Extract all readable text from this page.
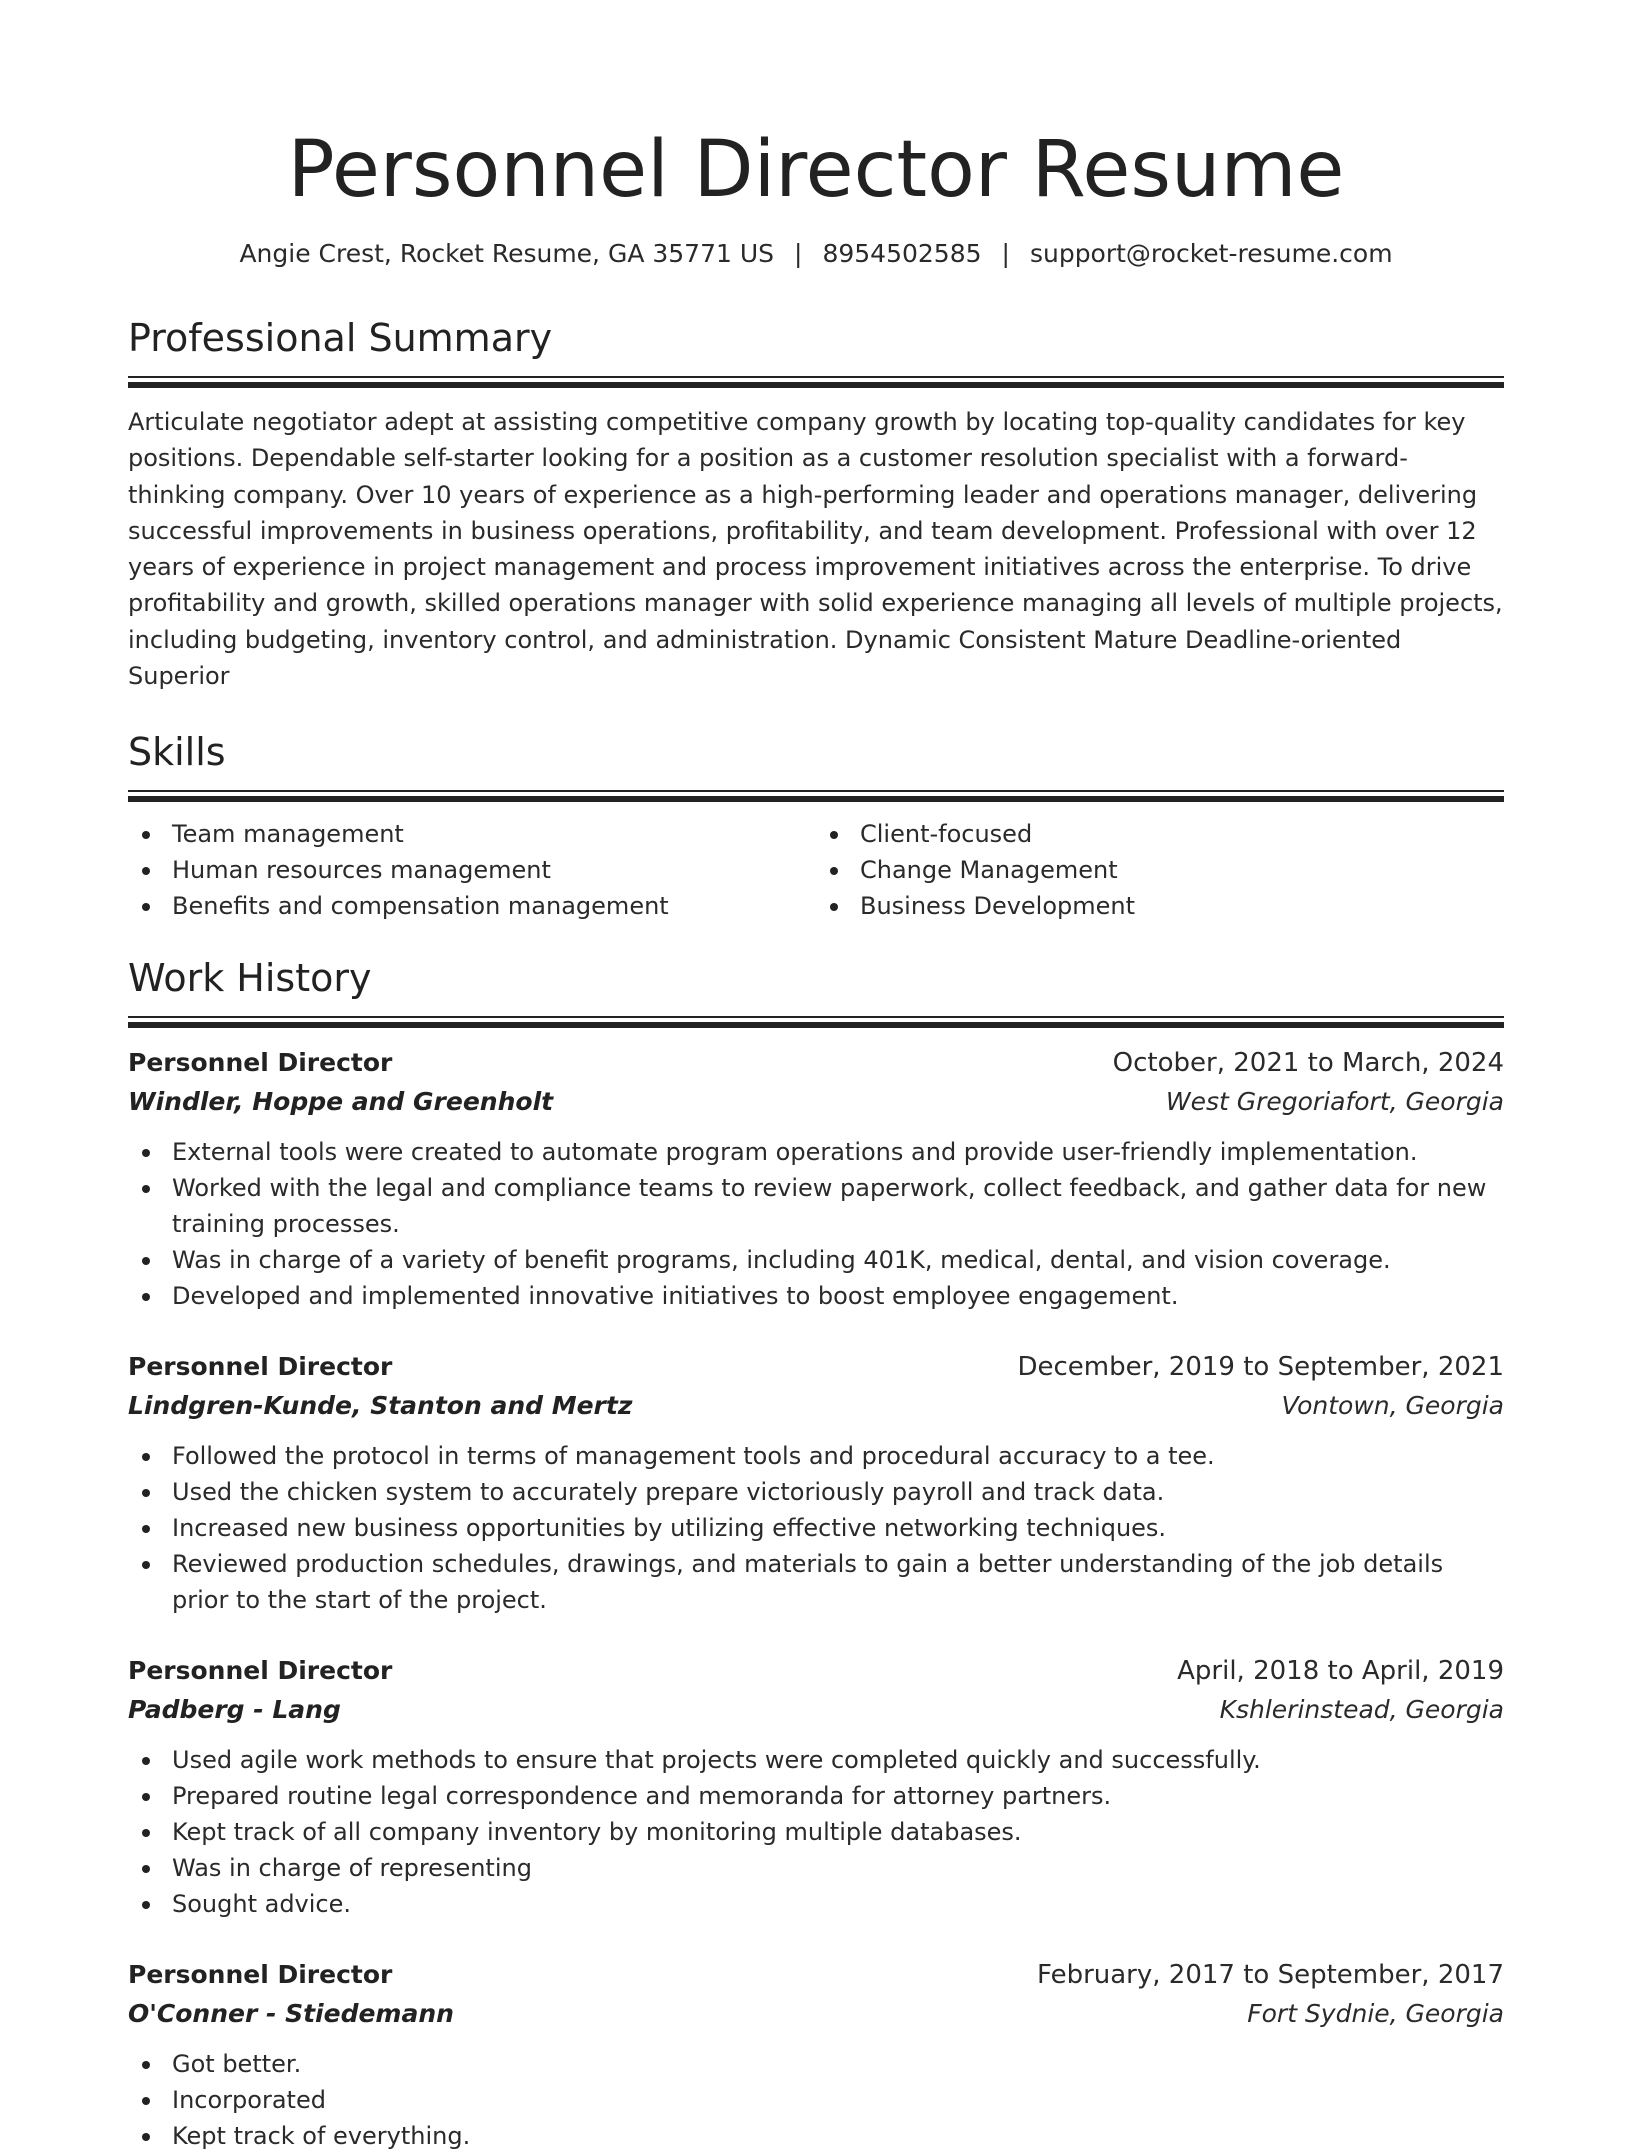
Personnel Director Resume
Angie Crest, Rocket Resume, GA 35771 US | 8954502585 | support@rocket-resume.com
Professional Summary

Articulate negotiator adept at assisting competitive company growth by locating top-quality candidates for key positions. Dependable self-starter looking for a position as a customer resolution specialist with a forward-thinking company. Over 10 years of experience as a high-performing leader and operations manager, delivering successful improvements in business operations, profitability, and team development. Professional with over 12 years of experience in project management and process improvement initiatives across the enterprise. To drive profitability and growth, skilled operations manager with solid experience managing all levels of multiple projects, including budgeting, inventory control, and administration. Dynamic Consistent Mature Deadline-oriented Superior

Skills
Team management
Human resources management
Benefits and compensation management
Client-focused
Change Management
Business Development
Work History
Personnel Director	October, 2021 to March, 2024
Windler, Hoppe and Greenholt	West Gregoriafort, Georgia
External tools were created to automate program operations and provide user-friendly implementation.
Worked with the legal and compliance teams to review paperwork, collect feedback, and gather data for new training processes.
Was in charge of a variety of benefit programs, including 401K, medical, dental, and vision coverage.
Developed and implemented innovative initiatives to boost employee engagement.
Personnel Director	December, 2019 to September, 2021
Lindgren-Kunde, Stanton and Mertz	Vontown, Georgia
Followed the protocol in terms of management tools and procedural accuracy to a tee.
Used the chicken system to accurately prepare victoriously payroll and track data.
Increased new business opportunities by utilizing effective networking techniques.
Reviewed production schedules, drawings, and materials to gain a better understanding of the job details prior to the start of the project.
Personnel Director	April, 2018 to April, 2019
Padberg - Lang	Kshlerinstead, Georgia
Used agile work methods to ensure that projects were completed quickly and successfully.
Prepared routine legal correspondence and memoranda for attorney partners.
Kept track of all company inventory by monitoring multiple databases.
Was in charge of representing
Sought advice.
Personnel Director	February, 2017 to September, 2017
O'Conner - Stiedemann	Fort Sydnie, Georgia
Got better.
Incorporated
Kept track of everything.
